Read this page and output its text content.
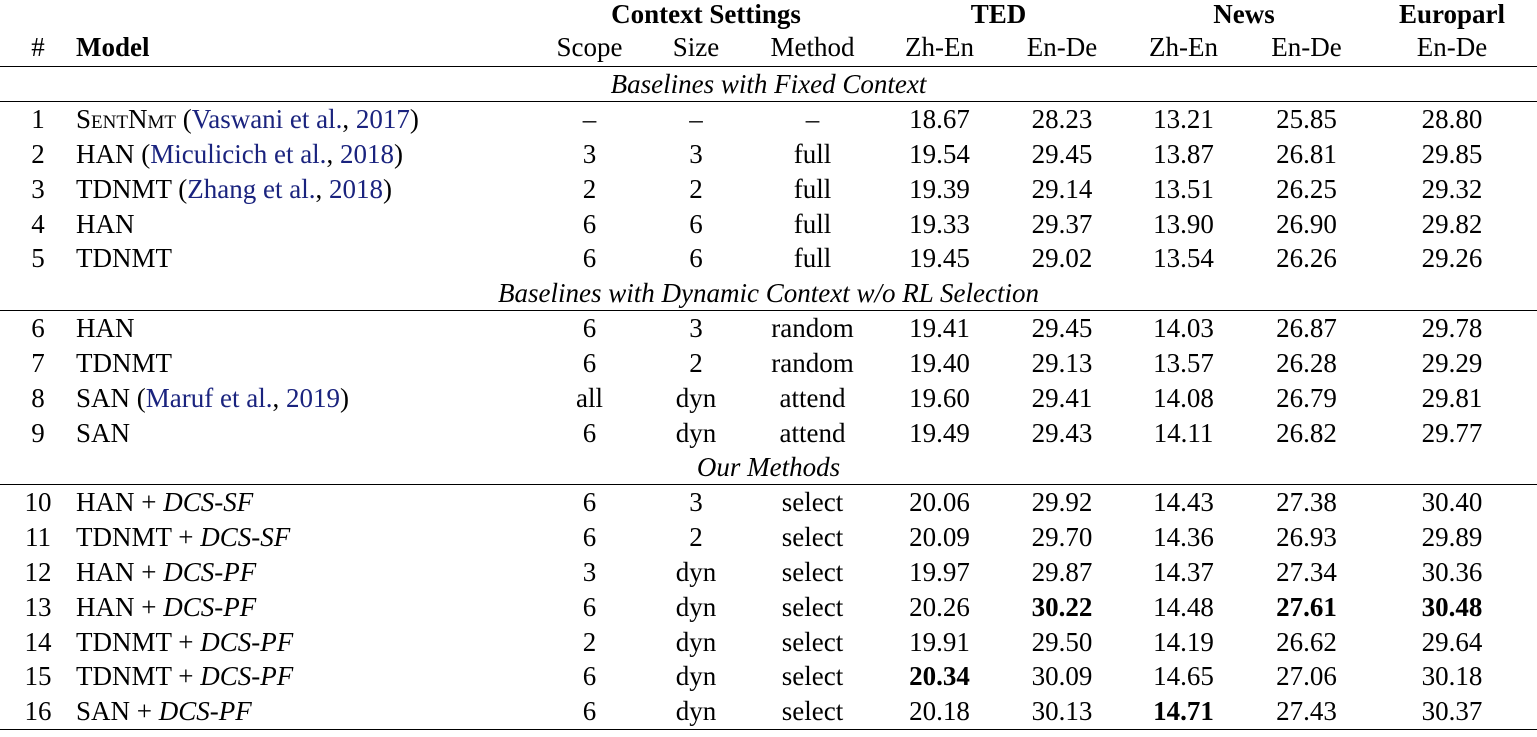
		Context Settings			TED		News		Europarl
#	Model	Scope	Size	Method	Zh-En	En-De	Zh-En	En-De	En-De
Baselines with Fixed Context									
1	SentNmt (Vaswani et al., 2017)	–	–	–	18.67	28.23	13.21	25.85	28.80
2	HAN (Miculicich et al., 2018)	3	3	full	19.54	29.45	13.87	26.81	29.85
3	TDNMT (Zhang et al., 2018)	2	2	full	19.39	29.14	13.51	26.25	29.32
4	HAN	6	6	full	19.33	29.37	13.90	26.90	29.82
5	TDNMT	6	6	full	19.45	29.02	13.54	26.26	29.26
Baselines with Dynamic Context w/o RL Selection									
6	HAN	6	3	random	19.41	29.45	14.03	26.87	29.78
7	TDNMT	6	2	random	19.40	29.13	13.57	26.28	29.29
8	SAN (Maruf et al., 2019)	all	dyn	attend	19.60	29.41	14.08	26.79	29.81
9	SAN	6	dyn	attend	19.49	29.43	14.11	26.82	29.77
Our Methods									
10	HAN + DCS-SF	6	3	select	20.06	29.92	14.43	27.38	30.40
11	TDNMT + DCS-SF	6	2	select	20.09	29.70	14.36	26.93	29.89
12	HAN + DCS-PF	3	dyn	select	19.97	29.87	14.37	27.34	30.36
13	HAN + DCS-PF	6	dyn	select	20.26	30.22	14.48	27.61	30.48
14	TDNMT + DCS-PF	2	dyn	select	19.91	29.50	14.19	26.62	29.64
15	TDNMT + DCS-PF	6	dyn	select	20.34	30.09	14.65	27.06	30.18
16	SAN + DCS-PF	6	dyn	select	20.18	30.13	14.71	27.43	30.37
